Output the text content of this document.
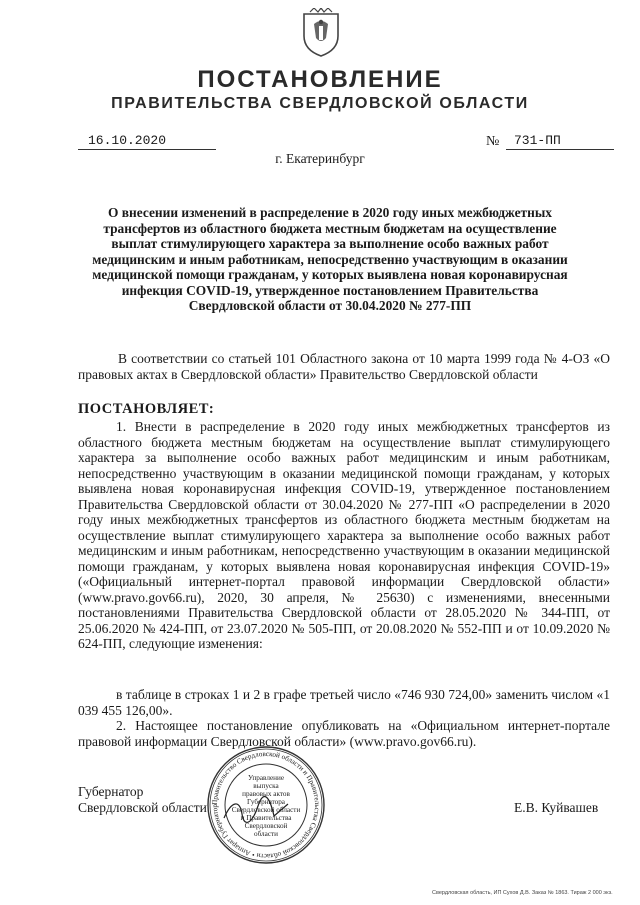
ПОСТАНОВЛЕНИЕ
ПРАВИТЕЛЬСТВА СВЕРДЛОВСКОЙ ОБЛАСТИ
16.10.2020	№	731-ПП
г. Екатеринбург
О внесении изменений в распределение в 2020 году иных межбюджетных трансфертов из областного бюджета местным бюджетам на осуществление выплат стимулирующего характера за выполнение особо важных работ медицинским и иным работникам, непосредственно участвующим в оказании медицинской помощи гражданам, у которых выявлена новая коронавирусная инфекция COVID-19, утвержденное постановлением Правительства Свердловской области от 30.04.2020 № 277-ПП
В соответствии со статьей 101 Областного закона от 10 марта 1999 года № 4-ОЗ «О правовых актах в Свердловской области» Правительство Свердловской области
ПОСТАНОВЛЯЕТ:
1. Внести в распределение в 2020 году иных межбюджетных трансфертов из областного бюджета местным бюджетам на осуществление выплат стимулирующего характера за выполнение особо важных работ медицинским и иным работникам, непосредственно участвующим в оказании медицинской помощи гражданам, у которых выявлена новая коронавирусная инфекция COVID-19, утвержденное постановлением Правительства Свердловской области от 30.04.2020 № 277-ПП «О распределении в 2020 году иных межбюджетных трансфертов из областного бюджета местным бюджетам на осуществление выплат стимулирующего характера за выполнение особо важных работ медицинским и иным работникам, непосредственно участвующим в оказании медицинской помощи гражданам, у которых выявлена новая коронавирусная инфекция COVID-19» («Официальный интернет-портал правовой информации Свердловской области» (www.pravo.gov66.ru), 2020, 30 апреля, № 25630) с изменениями, внесенными постановлениями Правительства Свердловской области от 28.05.2020 № 344-ПП, от 25.06.2020 № 424-ПП, от 23.07.2020 № 505-ПП, от 20.08.2020 № 552-ПП и от 10.09.2020 № 624-ПП, следующие изменения:
в таблице в строках 1 и 2 в графе третьей число «746 930 724,00» заменить числом «1 039 455 126,00».
2. Настоящее постановление опубликовать на «Официальном интернет-портале правовой информации Свердловской области» (www.pravo.gov66.ru).
Губернатор
Свердловской области	Е.В. Куйвашев
Правительство Свердловской области и Правительства Свердловской области • Аппарат Губернатор
Управление
выпуска
правовых актов
Губернатора
Свердловской области
и Правительства
Свердловской
области
Свердловская область, ИП Сухов Д.В. Заказ № 1863. Тираж 2 000 экз.
